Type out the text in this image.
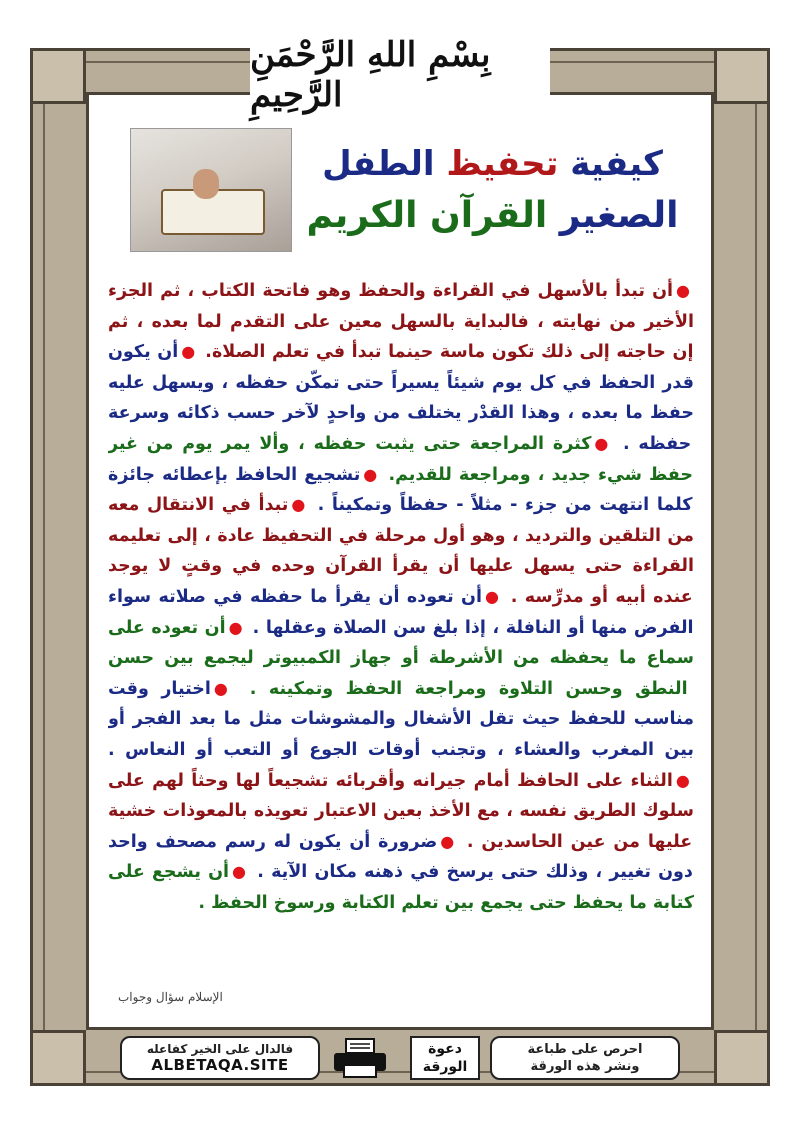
بِسْمِ اللهِ الرَّحْمَنِ الرَّحِيمِ
كيفية تحفيظ الطفل
الصغير القرآن الكريم
●أن تبدأ بالأسهل في القراءة والحفظ وهو فاتحة الكتاب ، ثم الجزء الأخير من نهايته ، فالبداية بالسهل معين على التقدم لما بعده ، ثم إن حاجته إلى ذلك تكون ماسة حينما تبدأ في تعلم الصلاة. ●أن يكون قدر الحفظ في كل يوم شيئاً يسيراً حتى تمكّن حفظه ، ويسهل عليه حفظ ما بعده ، وهذا القدْر يختلف من واحدٍ لآخر حسب ذكائه وسرعة حفظه . ●كثرة المراجعة حتى يثبت حفظه ، وألا يمر يوم من غير حفظ شيء جديد ، ومراجعة للقديم. ●تشجيع الحافظ بإعطائه جائزة كلما انتهت من جزء - مثلاً - حفظاً وتمكيناً . ●تبدأ في الانتقال معه من التلقين والترديد ، وهو أول مرحلة في التحفيظ عادة ، إلى تعليمه القراءة حتى يسهل عليها أن يقرأ القرآن وحده في وقتٍ لا يوجد عنده أبيه أو مدرِّسه . ●أن تعوده أن يقرأ ما حفظه في صلاته سواء الفرض منها أو النافلة ، إذا بلغ سن الصلاة وعقلها . ●أن تعوده على سماع ما يحفظه من الأشرطة أو جهاز الكمبيوتر ليجمع بين حسن النطق وحسن التلاوة ومراجعة الحفظ وتمكينه . ●اختيار وقت مناسب للحفظ حيث تقل الأشغال والمشوشات مثل ما بعد الفجر أو بين المغرب والعشاء ، وتجنب أوقات الجوع أو التعب أو النعاس . ●الثناء على الحافظ أمام جيرانه وأقربائه تشجيعاً لها وحثاً لهم على سلوك الطريق نفسه ، مع الأخذ بعين الاعتبار تعويذه بالمعوذات خشية عليها من عين الحاسدين . ●ضرورة أن يكون له رسم مصحف واحد دون تغيير ، وذلك حتى يرسخ في ذهنه مكان الآية . ●أن يشجع على كتابة ما يحفظ حتى يجمع بين تعلم الكتابة ورسوخ الحفظ .
الإسلام سؤال وجواب
فالدال على الخير كفاعله
ALBETAQA.SITE
دعوة
الورقة
احرص على طباعة
ونشر هذه الورقة
